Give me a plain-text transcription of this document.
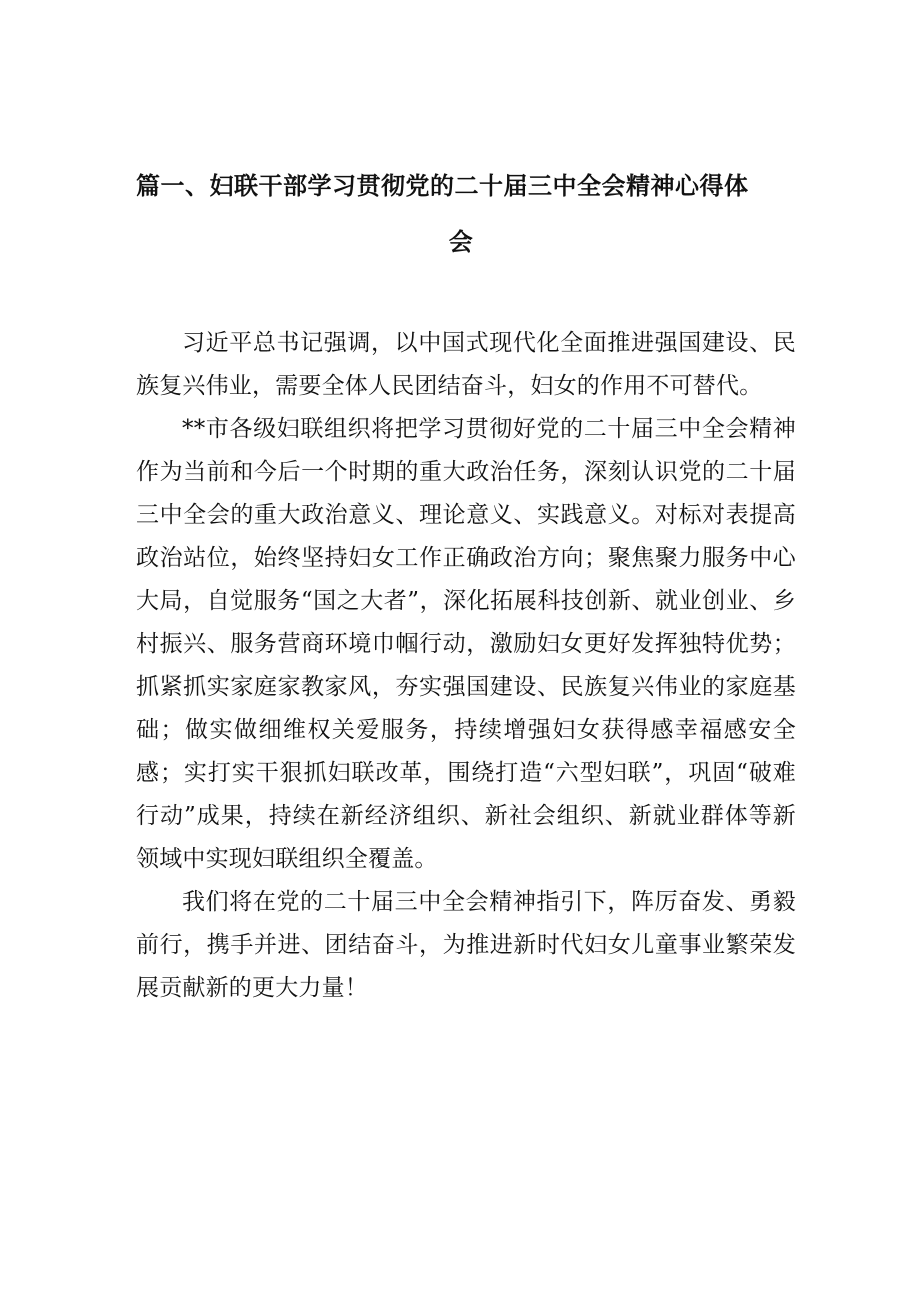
篇一、妇联干部学习贯彻党的二十届三中全会精神心得体
会

习近平总书记强调，以中国式现代化全面推进强国建设、民族复兴伟业，需要全体人民团结奋斗，妇女的作用不可替代。

**市各级妇联组织将把学习贯彻好党的二十届三中全会精神作为当前和今后一个时期的重大政治任务，深刻认识党的二十届三中全会的重大政治意义、理论意义、实践意义。对标对表提高政治站位，始终坚持妇女工作正确政治方向；聚焦聚力服务中心大局，自觉服务“国之大者”，深化拓展科技创新、就业创业、乡村振兴、服务营商环境巾帼行动，激励妇女更好发挥独特优势；抓紧抓实家庭家教家风，夯实强国建设、民族复兴伟业的家庭基础；做实做细维权关爱服务，持续增强妇女获得感幸福感安全感；实打实干狠抓妇联改革，围绕打造“六型妇联”，巩固“破难行动”成果，持续在新经济组织、新社会组织、新就业群体等新领域中实现妇联组织全覆盖。

我们将在党的二十届三中全会精神指引下，阵厉奋发、勇毅前行，携手并进、团结奋斗，为推进新时代妇女儿童事业繁荣发展贡献新的更大力量！
